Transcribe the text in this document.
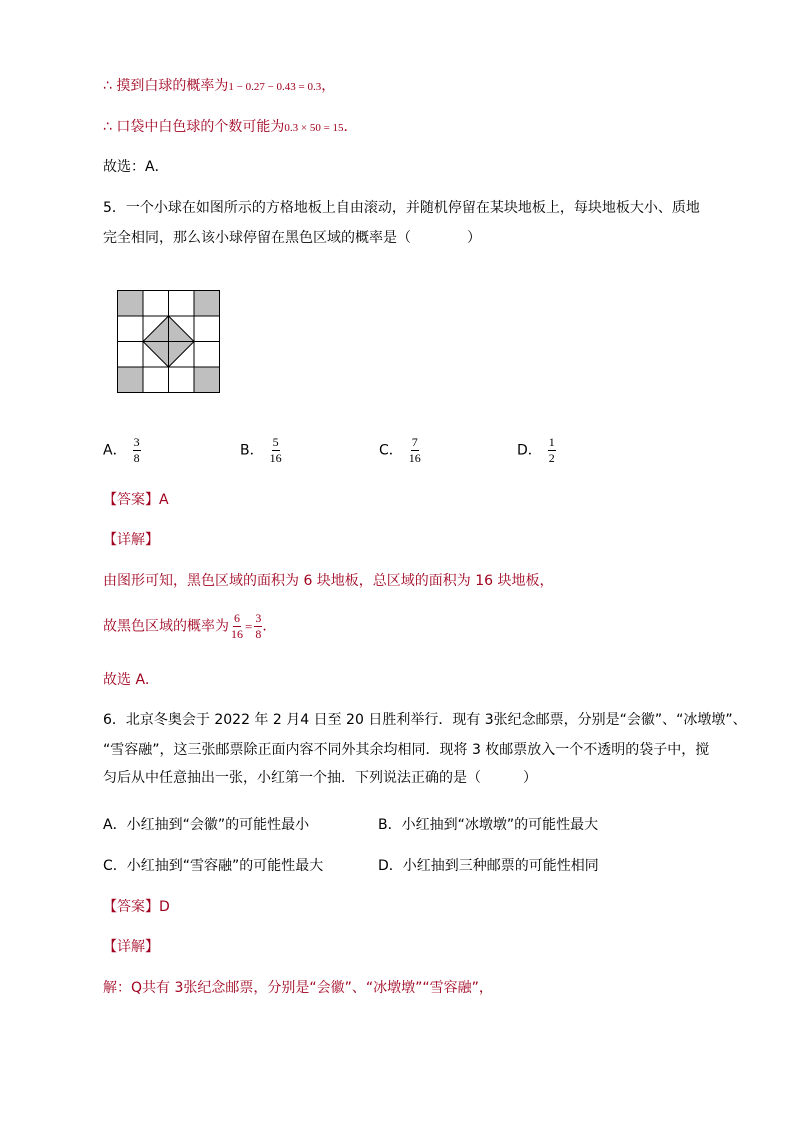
∴ 摸到白球的概率为1 − 0.27 − 0.43 = 0.3，
∴ 口袋中白色球的个数可能为0.3 × 50 = 15．
故选：A．
5．一个小球在如图所示的方格地板上自由滚动，并随机停留在某块地板上，每块地板大小、质地
完全相同，那么该小球停留在黑色区域的概率是（　　　　）
A． $\frac{3}{8}$	B． $\frac{5}{16}$	C． $\frac{7}{16}$	D． $\frac{1}{2}$
【答案】A
【详解】
由图形可知，黑色区域的面积为 6 块地板，总区域的面积为 16 块地板，
故黑色区域的概率为 $\frac{6}{16} = \frac{3}{8}$ ．
故选 A．
6．北京冬奥会于 2022 年 2 月4 日至 20 日胜利举行．现有 3张纪念邮票，分别是“会徽”、“冰墩墩”、
“雪容融”，这三张邮票除正面内容不同外其余均相同．现将 3 枚邮票放入一个不透明的袋子中，搅
匀后从中任意抽出一张，小红第一个抽．下列说法正确的是（　　　）
A．小红抽到“会徽”的可能性最小	B．小红抽到“冰墩墩”的可能性最大
C．小红抽到“雪容融”的可能性最大	D．小红抽到三种邮票的可能性相同
【答案】D
【详解】
解：Q共有 3张纪念邮票，分别是“会徽”、“冰墩墩”“雪容融”，
